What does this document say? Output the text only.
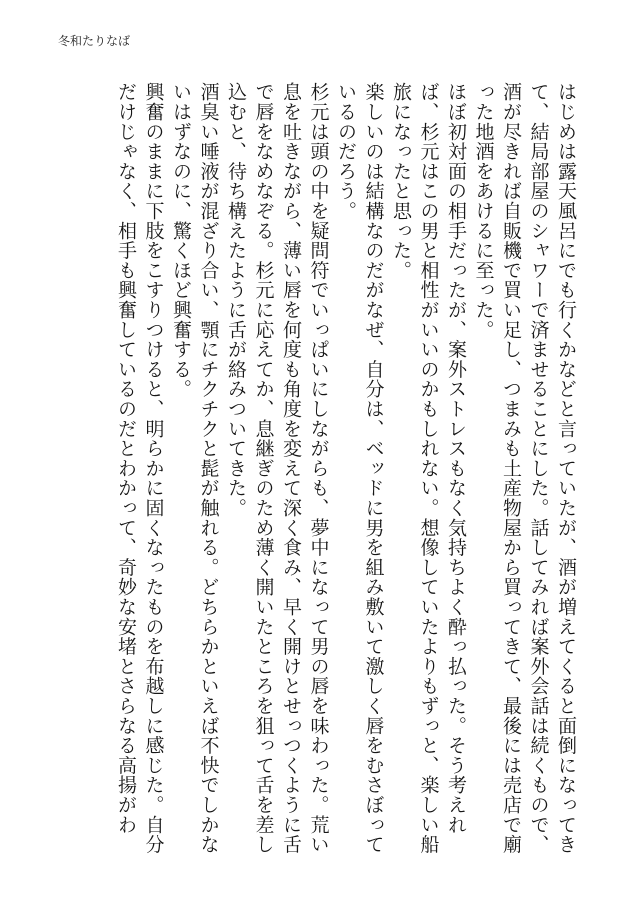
冬和たりなば

はじめは露天風呂にでも行くかなどと言っていたが、酒が増えてくると面倒になってきて、結局部屋のシャワーで済ませることにした。話してみれば案外会話は続くもので、酒が尽きれば自販機で買い足し、つまみも土産物屋から買ってきて、最後には売店で廟った地酒をあけるに至った。

ほぼ初対面の相手だったが、案外ストレスもなく気持ちよく酔っ払った。そう考えれば、杉元はこの男と相性がいいのかもしれない。想像していたよりもずっと、楽しい船旅になったと思った。

楽しいのは結構なのだがなぜ、自分は、ベッドに男を組み敷いて激しく唇をむさぼっているのだろう。

杉元は頭の中を疑問符でいっぱいにしながらも、夢中になって男の唇を味わった。荒い息を吐きながら、薄い唇を何度も角度を変えて深く食み、早く開けとせっつくように舌で唇をなめなぞる。杉元に応えてか、息継ぎのため薄く開いたところを狙って舌を差し込むと、待ち構えたように舌が絡みついてきた。

酒臭い唾液が混ざり合い、顎にチクチクと髭が触れる。どちらかといえば不快でしかないはずなのに、驚くほど興奮する。

興奮のままに下肢をこすりつけると、明らかに固くなったものを布越しに感じた。自分だけじゃなく、相手も興奮しているのだとわかって、奇妙な安堵とさらなる高揚がわ
